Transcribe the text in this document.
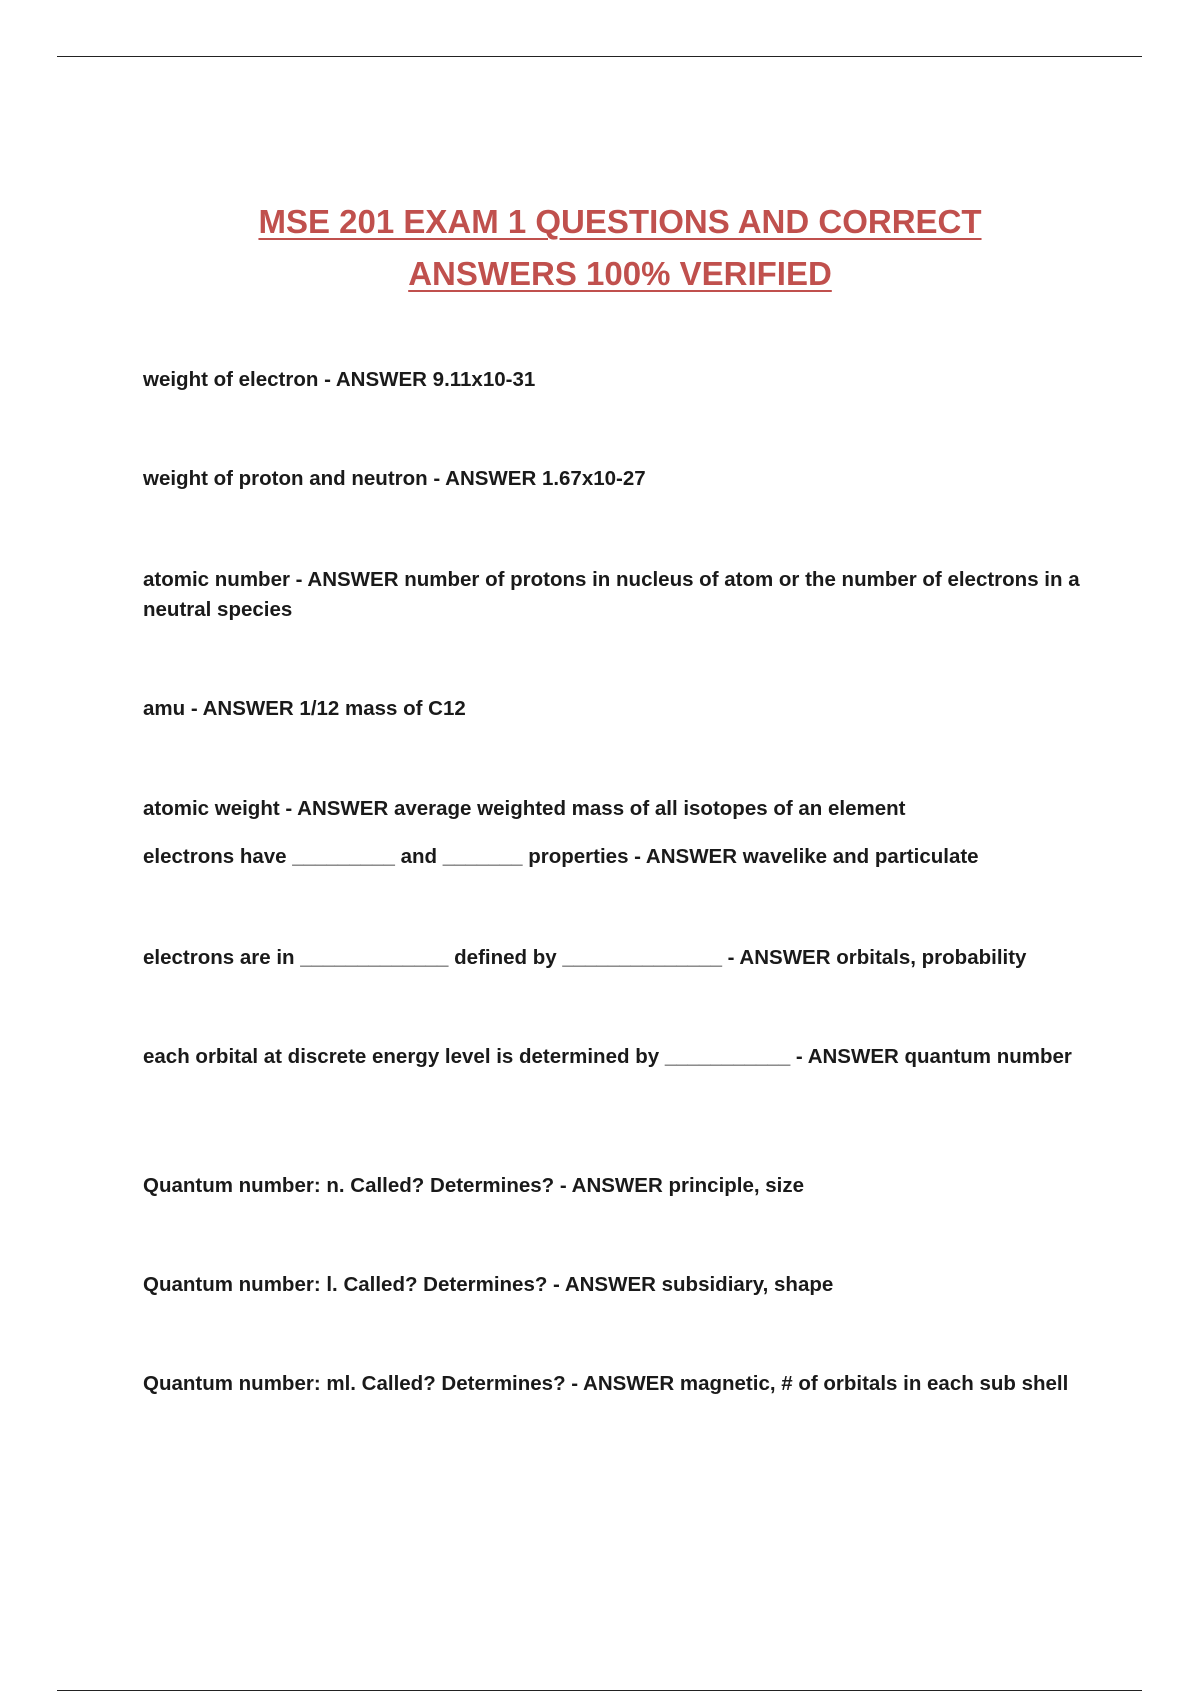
MSE 201 EXAM 1 QUESTIONS AND CORRECT
ANSWERS 100% VERIFIED

weight of electron - ANSWER 9.11x10-31

weight of proton and neutron - ANSWER 1.67x10-27

atomic number - ANSWER number of protons in nucleus of atom or the number of electrons in a neutral species

amu - ANSWER 1/12 mass of C12

atomic weight - ANSWER average weighted mass of all isotopes of an element

electrons have _________ and _______ properties - ANSWER wavelike and particulate

electrons are in _____________ defined by ______________ - ANSWER orbitals, probability

each orbital at discrete energy level is determined by ___________ - ANSWER quantum number

Quantum number: n. Called? Determines? - ANSWER principle, size

Quantum number: l. Called? Determines? - ANSWER subsidiary, shape

Quantum number: ml. Called? Determines? - ANSWER magnetic, # of orbitals in each sub shell
